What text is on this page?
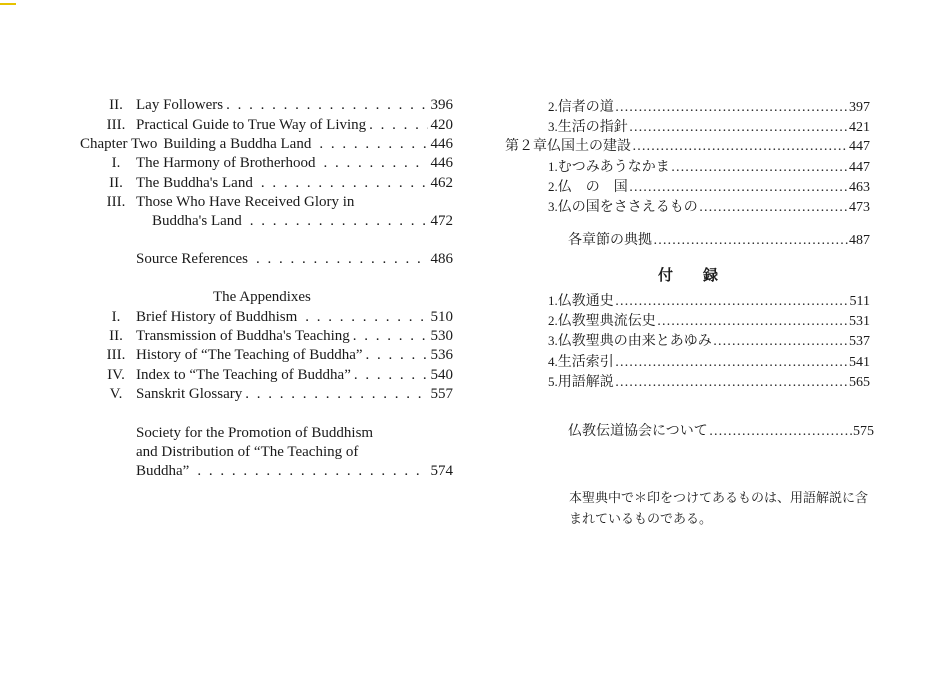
II. Lay Followers . . .	396
III. Practical Guide to True Way of Living . . .	420
Chapter Two Building a Buddha Land . . .	446
I.	The Harmony of Brotherhood . . .	446
II. The Buddha's Land . . .	462
III. Those Who Have Received Glory in
Buddha's Land . . .	472
Source References . . .	486
The Appendixes
I.	Brief History of Buddhism . . .	510
II. Transmission of Buddha's Teaching . . .	530
III. History of “The Teaching of Buddha” . . .	536
IV. Index to “The Teaching of Buddha” . . .	540
V. Sanskrit Glossary . . .	557
Society for the Promotion of Buddhism
and Distribution of “The Teaching of
Buddha” . . .	574
2. 信者の道 …………………………………………………………………………………………………………………………………	397
3. 生活の指針 …………………………………………………………………………………………………………………………………	421
第２章 仏国土の建設 …………………………………………………………………………………………………………………………………	447
1. むつみあうなかま …………………………………………………………………………………………………………………………………	447
2. 仏　の　国 …………………………………………………………………………………………………………………………………	463
3. 仏の国をささえるもの …………………………………………………………………………………………………………………………………	473
各章節の典拠 …………………………………………………………………………………………………………………………………	487
付　　録
1. 仏教通史 …………………………………………………………………………………………………………………………………	511
2. 仏教聖典流伝史 …………………………………………………………………………………………………………………………………	531
3. 仏教聖典の由来とあゆみ …………………………………………………………………………………………………………………………………	537
4. 生活索引 …………………………………………………………………………………………………………………………………	541
5. 用語解説 …………………………………………………………………………………………………………………………………	565
仏教伝道協会について …………………………………………………………………………………………………………………………………	575
本聖典中で＊印をつけてあるものは、用語解説に含
まれているものである。
